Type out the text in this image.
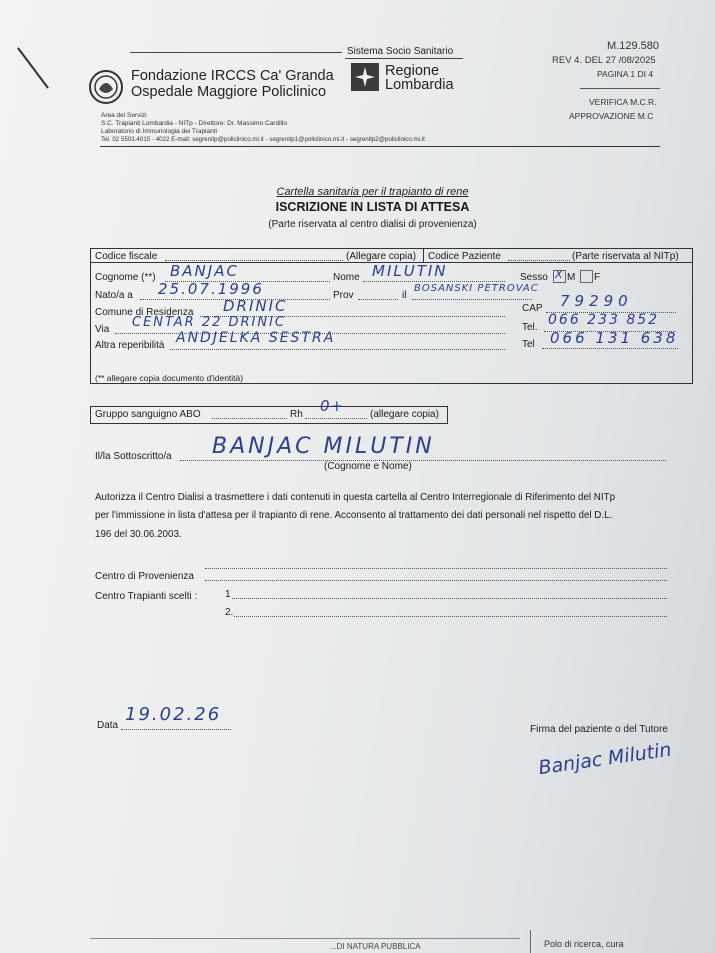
Sistema Socio Sanitario
Fondazione IRCCS Ca' Granda
Ospedale Maggiore Policlinico
Regione
Lombardia
M.129.580
REV 4. DEL 27 /08/2025
PAGINA 1 DI 4
VERIFICA M.C.R.
APPROVAZIONE M.C
Area dei Servizi
S.C. Trapianti Lombardia - NITp - Direttore: Dr. Massimo Cardillo
Laboratorio di Immunologia dei Trapianti
Tel. 02 5503.4015 - 4022 E-mail: segrenitp@policlinico.mi.it - segrenitp1@policlinico.mi.it - segrenitp2@policlinico.mi.it
Cartella sanitaria per il trapianto di rene
ISCRIZIONE IN LISTA DI ATTESA
(Parte riservata al centro dialisi di provenienza)
Codice fiscale	(Allegare copia) Codice Paziente	(Parte riservata al NITp)
Cognome (**) BANJAC	Nome MILUTIN	Sesso X M F
Nato/a a 25.07.1996	Prov	il
BOSANSKI PETROVAC
Comune di Residenza DRINIC	CAP 79290
Via CENTAR 22 DRINIC	Tel. 066 233 852
Altra reperibilità ANDJELKA SESTRA	Tel 066 131 638
(** allegare copia documento d'identità)
Gruppo sanguigno ABO	Rh 0+	(allegare copia)
Il/la Sottoscritto/a BANJAC MILUTIN
(Cognome e Nome)
Autorizza il Centro Dialisi a trasmettere i dati contenuti in questa cartella al Centro Interregionale di Riferimento del NITp
per l'immissione in lista d'attesa per il trapianto di rene. Acconsento al trattamento dei dati personali nel rispetto del D.L.
196 del 30.06.2003.
Centro di Provenienza
Centro Trapianti scelti :	1
2.
Data
19.02.26
Firma del paziente o del Tutore
Banjac Milutin
...DI NATURA PUBBLICA	Polo di ricerca, cura
